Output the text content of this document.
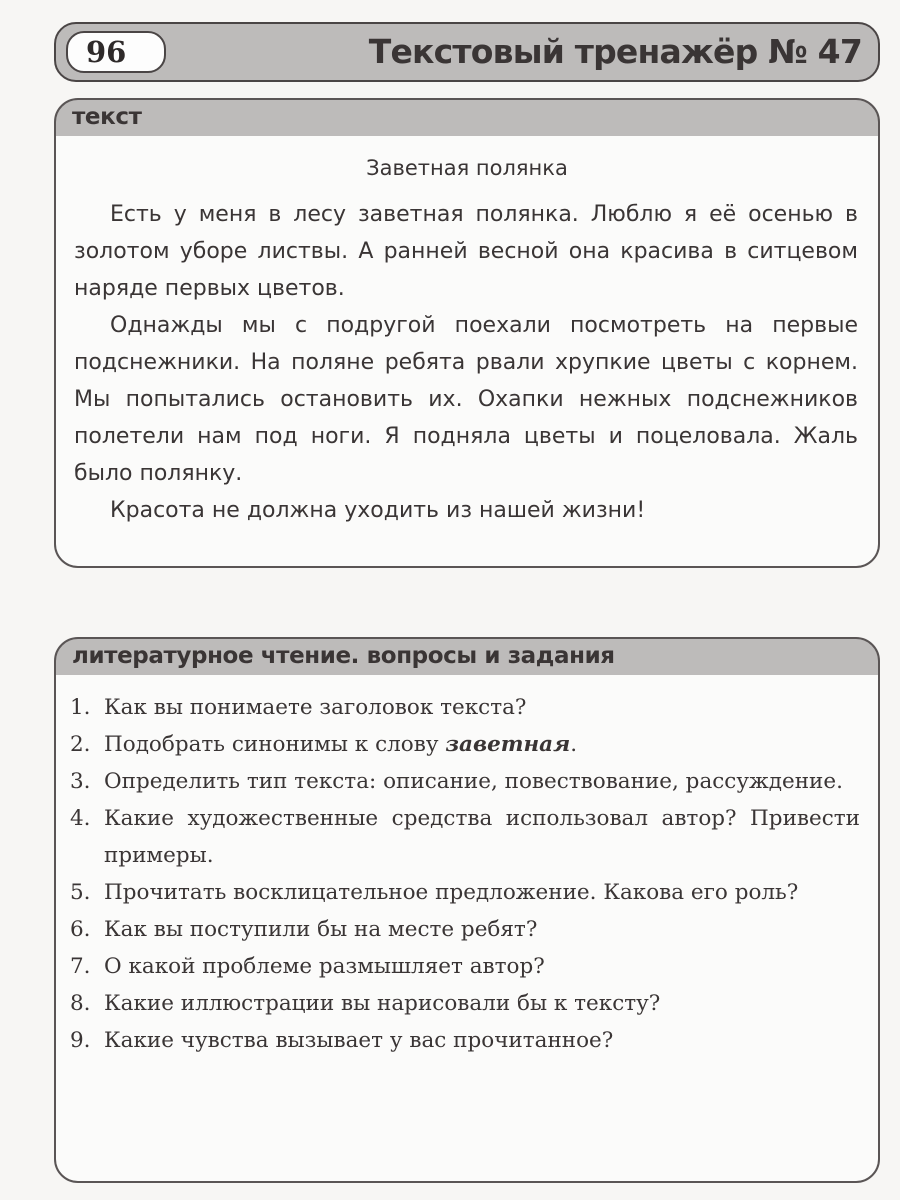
96	Текстовый тренажёр № 47
текст
Заветная полянка

Есть у меня в лесу заветная полянка. Люблю я её осенью в золотом уборе листвы. А ранней весной она красива в ситцевом наряде первых цветов.

Однажды мы с подругой поехали посмотреть на первые подснежники. На поляне ребята рвали хрупкие цветы с корнем. Мы попытались остановить их. Охапки нежных подснежников полетели нам под ноги. Я подняла цветы и поцеловала. Жаль было полянку.

Красота не должна уходить из нашей жизни!

литературное чтение. вопросы и задания
1. Как вы понимаете заголовок текста?
2. Подобрать синонимы к слову заветная.
3. Определить тип текста: описание, повествование, рассуждение.
4. Какие художественные средства использовал автор? Привести примеры.
5. Прочитать восклицательное предложение. Какова его роль?
6. Как вы поступили бы на месте ребят?
7. О какой проблеме размышляет автор?
8. Какие иллюстрации вы нарисовали бы к тексту?
9. Какие чувства вызывает у вас прочитанное?
